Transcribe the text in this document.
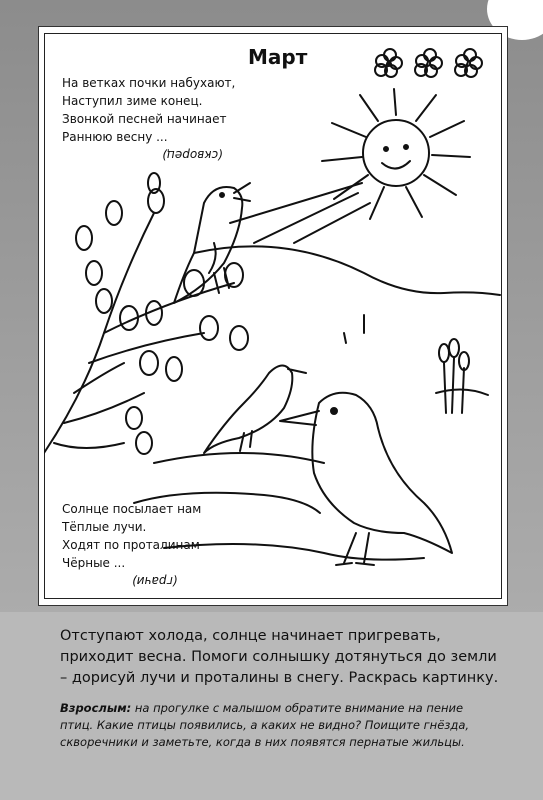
Март
На ветках почки набухают,
Наступил зиме конец.
Звонкой песней начинает
Раннюю весну ...
(скворец)
Солнце посылает нам
Тёплые лучи.
Ходят по проталинам
Чёрные ...
(грачи)
Отступают холода, солнце начинает пригревать, приходит весна. Помоги солнышку дотянуться до земли – дорисуй лучи и проталины в снегу. Раскрась картинку.
Взрослым: на прогулке с малышом обратите внимание на пение птиц. Какие птицы появились, а каких не видно? Поищите гнёзда, скворечники и заметьте, когда в них появятся пернатые жильцы.
